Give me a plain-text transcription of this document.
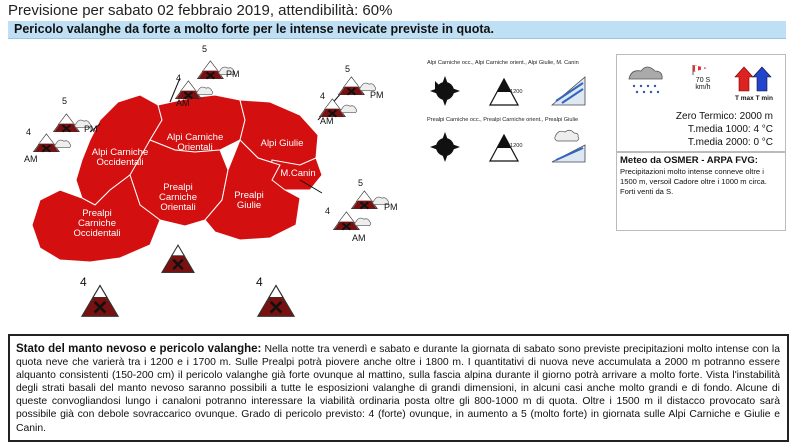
Previsione per sabato 02 febbraio 2019, attendibilità: 60%
Pericolo valanghe da forte a molto forte per le intense nevicate previste in quota.
Alpi Carniche
Occidentali
Alpi Carniche
Orientali	Alpi Giulie
M.Canin
Prealpi
Carniche
Orientali
Prealpi
Carniche
Occidentali
Prealpi
Giulie
5
PM
4
AM
5
PM
4
AM
5
PM
4
AM
5
PM
4
AM
4	4
Alpi Carniche occ., Alpi Carniche orient., Alpi Giulie, M. Canin
1200
Prealpi Carniche occ., Prealpi Carniche orient., Prealpi Giulie
1200
70 S
km/h
T max T min
Zero Termico: 2000 m
T.media 1000: 4 °C
T.media 2000: 0 °C
Meteo da OSMER - ARPA FVG:
Precipitazioni molto intense conneve oltre i 1500 m, versoil Cadore oltre i 1000 m circa. Forti venti da S.
Stato del manto nevoso e pericolo valanghe: Nella notte tra venerdì e sabato e durante la giornata di sabato sono previste precipitazioni molto intense con la quota neve che varierà tra i 1200 e i 1700 m. Sulle Prealpi potrà piovere anche oltre i 1800 m. I quantitativi di nuova neve accumulata a 2000 m potranno essere alquanto consistenti (150-200 cm) il pericolo valanghe già forte ovunque al mattino, sulla fascia alpina durante il giorno potrà arrivare a molto forte. Vista l'instabilità degli strati basali del manto nevoso saranno possibili a tutte le esposizioni valanghe di grandi dimensioni, in alcuni casi anche molto grandi e di fondo. Alcune di queste convogliandosi lungo i canaloni potranno interessare la viabilità ordinaria posta oltre gli 800-1000 m di quota. Oltre i 1500 m il distacco provocato sarà possibile già con debole sovraccarico ovunque. Grado di pericolo previsto: 4 (forte) ovunque, in aumento a 5 (molto forte) in giornata sulle Alpi Carniche e Giulie e Canin.
